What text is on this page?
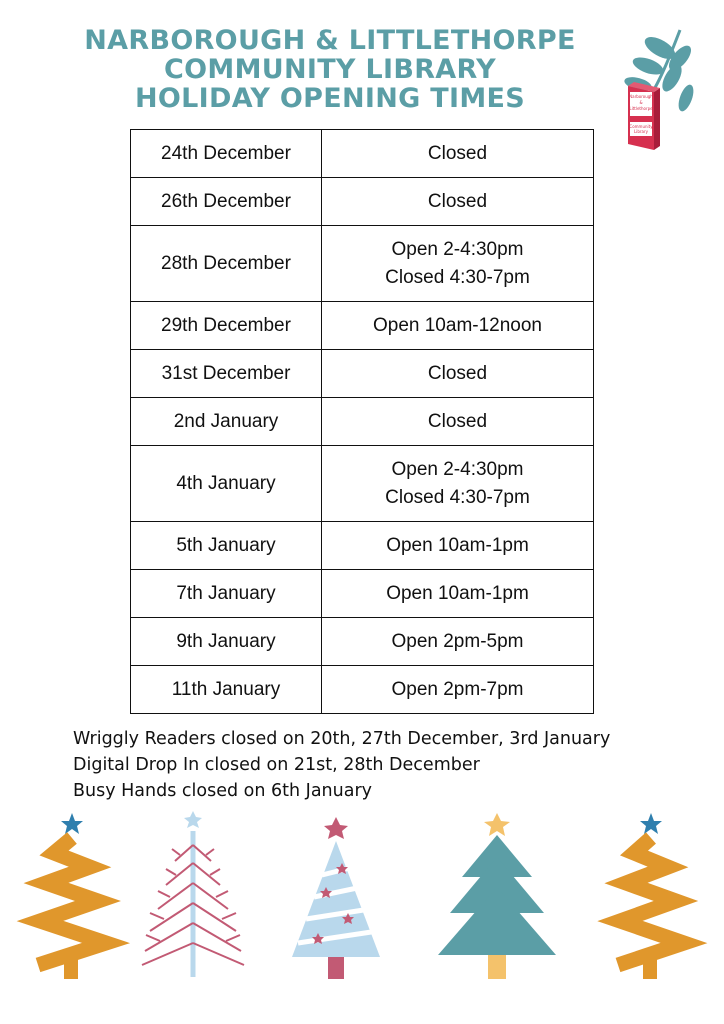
NARBOROUGH & LITTLETHORPE
COMMUNITY LIBRARY
HOLIDAY OPENING TIMES	Narborough
&
Littlethorpe
Community
Library
24th December	Closed

26th December	Closed

28th December	Open 2-4:30pm
Closed 4:30-7pm

29th December	Open 10am-12noon

31st December	Closed

2nd January	Closed

4th January	Open 2-4:30pm
Closed 4:30-7pm

5th January	Open 10am-1pm

7th January	Open 10am-1pm

9th January	Open 2pm-5pm

11th January	Open 2pm-7pm
Wriggly Readers closed on 20th, 27th December, 3rd January
Digital Drop In closed on 21st, 28th December
Busy Hands closed on 6th January
